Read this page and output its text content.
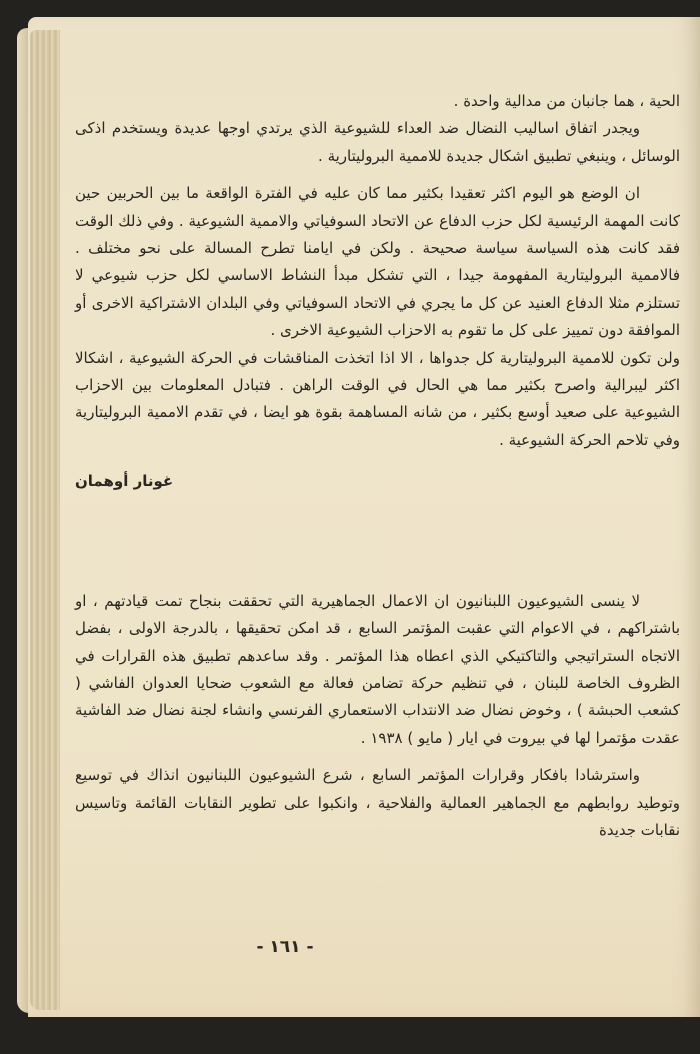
الحية ، هما جانبان من مدالية واحدة .

ويجدر اتفاق اساليب النضال ضد العداء للشيوعية الذي يرتدي اوجها عديدة ويستخدم اذكى الوسائل ، وينبغي تطبيق اشكال جديدة للاممية البروليتارية .

ان الوضع هو اليوم اكثر تعقيدا بكثير مما كان عليه في الفترة الواقعة ما بين الحربين حين كانت المهمة الرئيسية لكل حزب الدفاع عن الاتحاد السوفياتي والاممية الشيوعية . وفي ذلك الوقت فقد كانت هذه السياسة سياسة صحيحة . ولكن في ايامنا تطرح المسالة على نحو مختلف . فالاممية البروليتارية المفهومة جيدا ، التي تشكل مبدأ النشاط الاساسي لكل حزب شيوعي لا تستلزم مثلا الدفاع العنيد عن كل ما يجري في الاتحاد السوفياتي وفي البلدان الاشتراكية الاخرى أو الموافقة دون تمييز على كل ما تقوم به الاحزاب الشيوعية الاخرى .

ولن تكون للاممية البروليتارية كل جدواها ، الا اذا اتخذت المناقشات في الحركة الشيوعية ، اشكالا اكثر ليبرالية واصرح بكثير مما هي الحال في الوقت الراهن . فتبادل المعلومات بين الاحزاب الشيوعية على صعيد أوسع بكثير ، من شانه المساهمة بقوة هو ايضا ، في تقدم الاممية البروليتارية وفي تلاحم الحركة الشيوعية .

غونار أوهمان

لا ينسى الشيوعيون اللبنانيون ان الاعمال الجماهيرية التي تحققت بنجاح تمت قيادتهم ، او باشتراكهم ، في الاعوام التي عقبت المؤتمر السابع ، قد امكن تحقيقها ، بالدرجة الاولى ، بفضل الاتجاه الستراتيجي والتاكتيكي الذي اعطاه هذا المؤتمر . وقد ساعدهم تطبيق هذه القرارات في الظروف الخاصة للبنان ، في تنظيم حركة تضامن فعالة مع الشعوب ضحايا العدوان الفاشي ( كشعب الحبشة ) ، وخوض نضال ضد الانتداب الاستعماري الفرنسي وانشاء لجنة نضال ضد الفاشية عقدت مؤتمرا لها في بيروت في ايار ( مايو ) ١٩٣٨ .

واسترشادا بافكار وقرارات المؤتمر السابع ، شرع الشيوعيون اللبنانيون انذاك في توسيع وتوطيد روابطهم مع الجماهير العمالية والفلاحية ، وانكبوا على تطوير النقابات القائمة وتاسيس نقابات جديدة

- ١٦١ -
